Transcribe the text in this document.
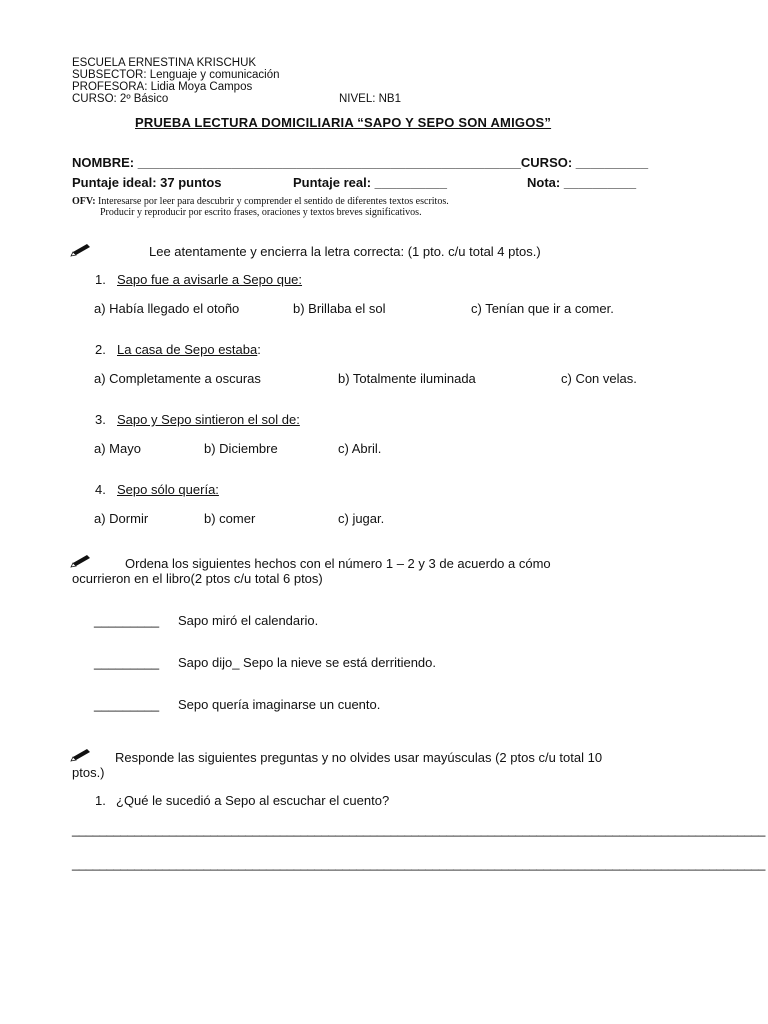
ESCUELA ERNESTINA KRISCHUK
SUBSECTOR: Lenguaje y comunicación
PROFESORA: Lidia Moya Campos
CURSO: 2º Básico	NIVEL: NB1
PRUEBA LECTURA DOMICILIARIA “SAPO Y SEPO SON AMIGOS”
NOMBRE: _____________________________________________________CURSO: __________
Puntaje ideal: 37 puntos	Puntaje real: __________	Nota: __________
OFV: Interesarse por leer para descubrir y comprender el sentido de diferentes textos escritos.
Producir y reproducir por escrito frases, oraciones y textos breves significativos.
Lee atentamente y encierra la letra correcta: (1 pto. c/u total 4 ptos.)
1. Sapo fue a avisarle a Sepo que:
a) Había llegado el otoño	b) Brillaba el sol	c) Tenían que ir a comer.
2. La casa de Sepo estaba:
a) Completamente a oscuras	b) Totalmente iluminada	c) Con velas.
3. Sapo y Sepo sintieron el sol de:
a) Mayo	b) Diciembre	c) Abril.
4. Sepo sólo quería:
a) Dormir	b) comer	c) jugar.
Ordena los siguientes hechos con el número 1 – 2 y 3 de acuerdo a cómo
ocurrieron en el libro(2 ptos c/u total 6 ptos)
_________ Sapo miró el calendario.
_________ Sapo dijo_ Sepo la nieve se está derritiendo.
_________ Sepo quería imaginarse un cuento.
Responde las siguientes preguntas y no olvides usar mayúsculas (2 ptos c/u total 10
ptos.)
1. ¿Qué le sucedió a Sepo al escuchar el cuento?
____________________________________________________________________________________________________
____________________________________________________________________________________________________
